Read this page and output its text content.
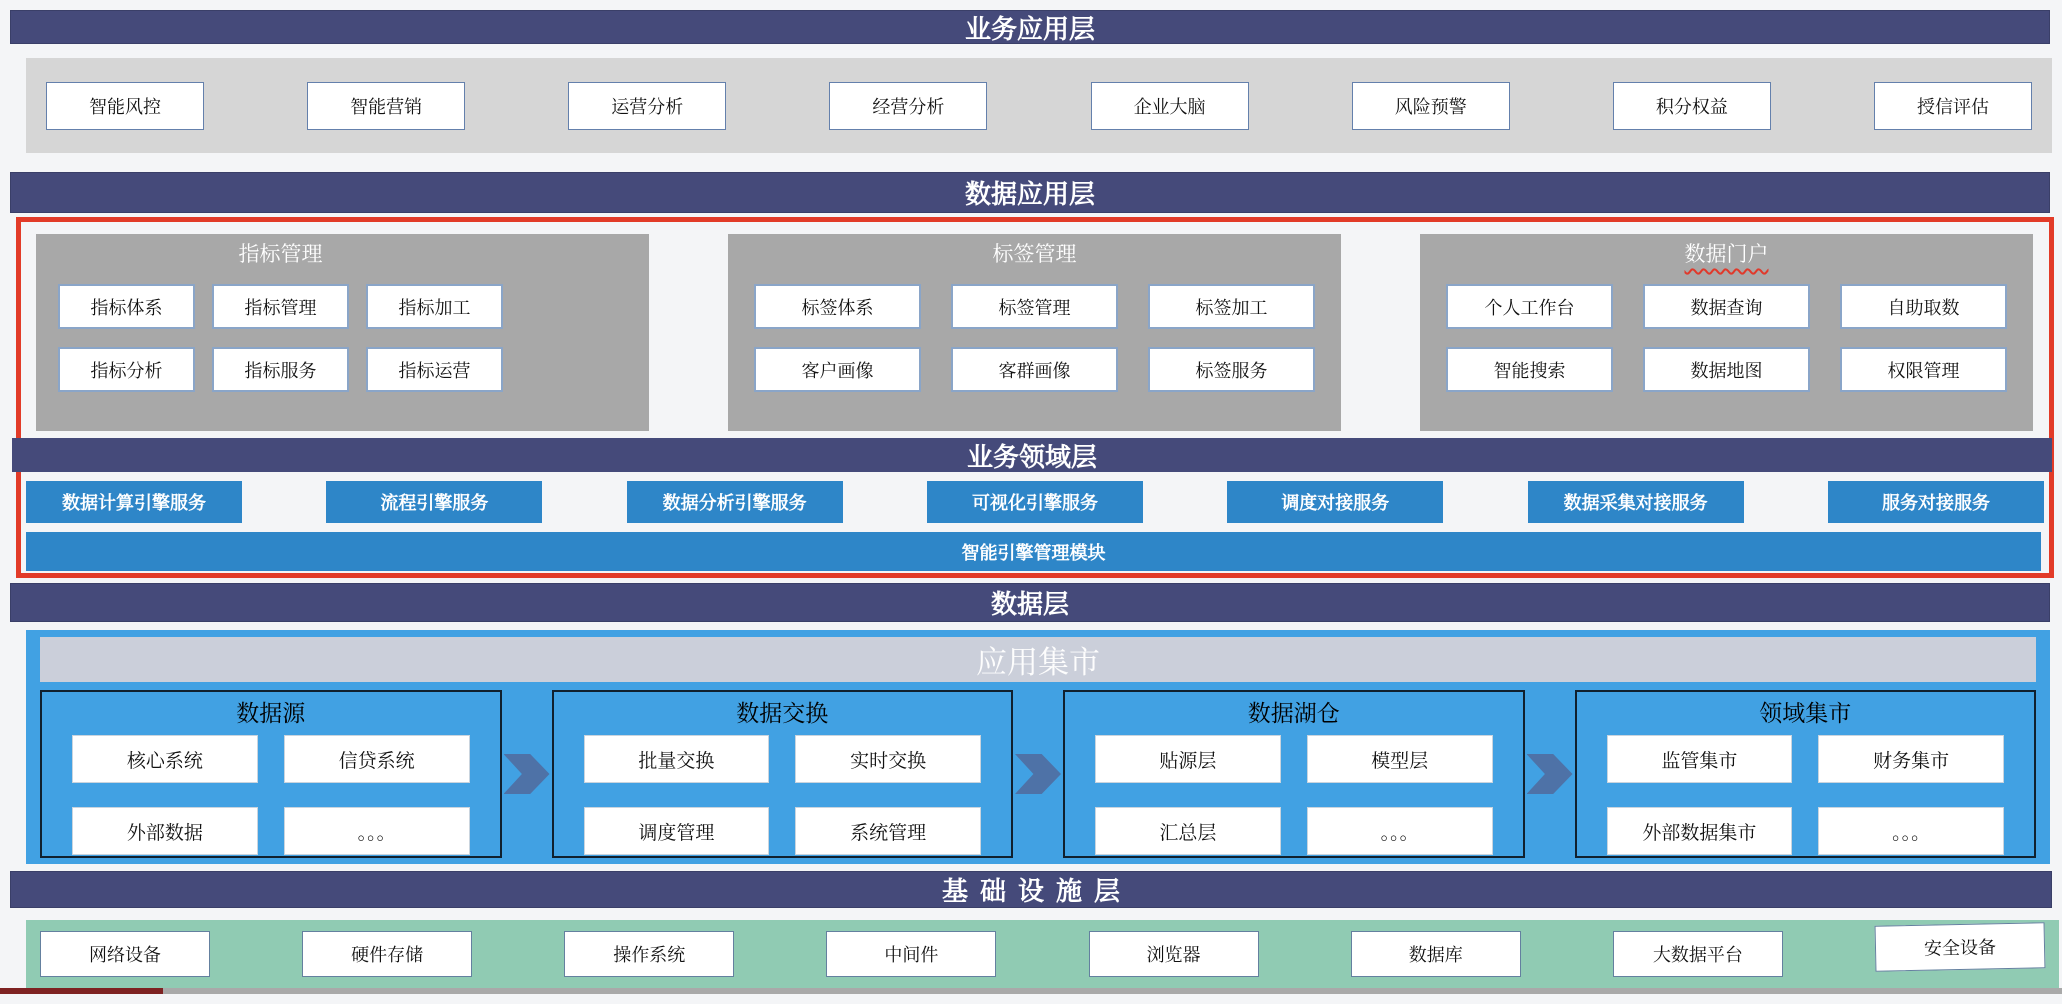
业务应用层
智能风控	智能营销	运营分析	经营分析	企业大脑	风险预警	积分权益	授信评估
数据应用层
指标管理
指标体系	指标管理	指标加工
指标分析	指标服务	指标运营
标签管理
标签体系	标签管理	标签加工
客户画像	客群画像	标签服务
数据门户
个人工作台	数据查询	自助取数
智能搜索	数据地图	权限管理
业务领域层
数据计算引擎服务	流程引擎服务	数据分析引擎服务	可视化引擎服务	调度对接服务	数据采集对接服务	服务对接服务
智能引擎管理模块
数据层
应用集市
数据源
核心系统	信贷系统
外部数据	。。。
数据交换
批量交换	实时交换
调度管理	系统管理
数据湖仓
贴源层	模型层
汇总层	。。。
领域集市
监管集市	财务集市
外部数据集市	。。。
基础设施层
网络设备	硬件存储	操作系统	中间件	浏览器	数据库	大数据平台	安全设备
